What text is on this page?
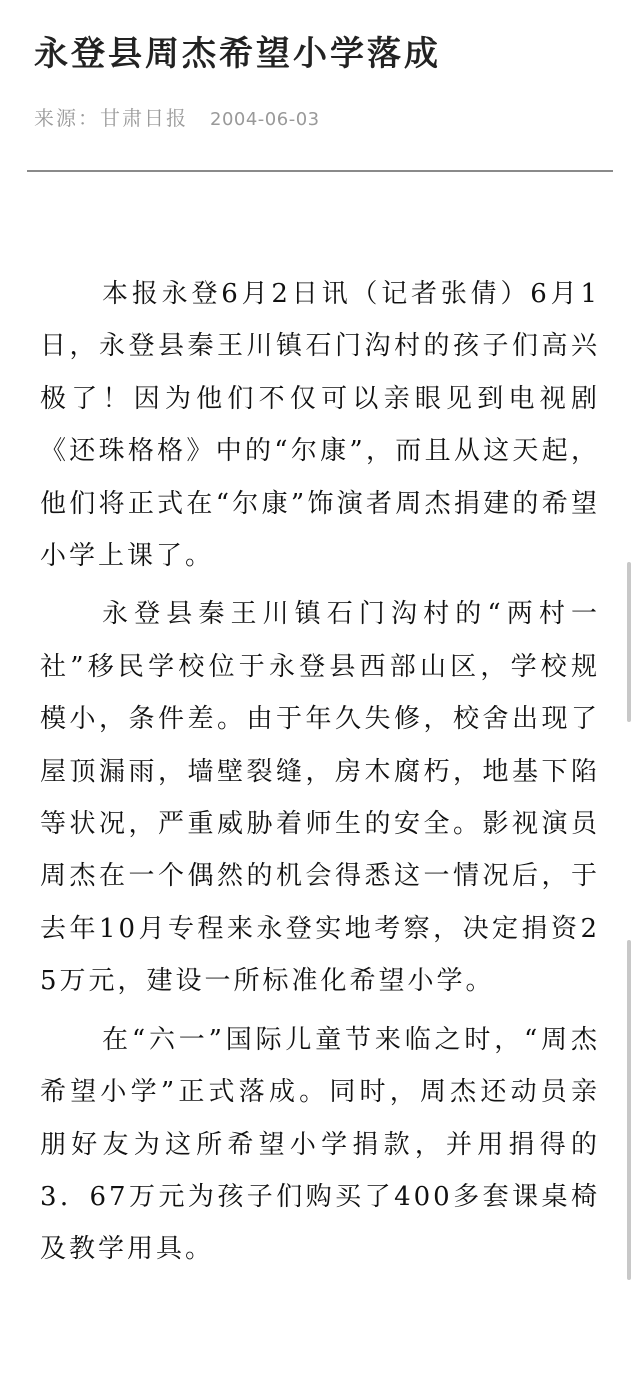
永登县周杰希望小学落成
来源：甘肃日报 2004-06-03

本报永登6月2日讯（记者张倩）6月1日，永登县秦王川镇石门沟村的孩子们高兴极了！因为他们不仅可以亲眼见到电视剧《还珠格格》中的“尔康”，而且从这天起，他们将正式在“尔康”饰演者周杰捐建的希望小学上课了。

永登县秦王川镇石门沟村的“两村一社”移民学校位于永登县西部山区，学校规模小，条件差。由于年久失修，校舍出现了屋顶漏雨，墙壁裂缝，房木腐朽，地基下陷等状况，严重威胁着师生的安全。影视演员周杰在一个偶然的机会得悉这一情况后，于去年10月专程来永登实地考察，决定捐资25万元，建设一所标准化希望小学。

在“六一”国际儿童节来临之时，“周杰希望小学”正式落成。同时，周杰还动员亲朋好友为这所希望小学捐款，并用捐得的3．67万元为孩子们购买了400多套课桌椅及教学用具。
